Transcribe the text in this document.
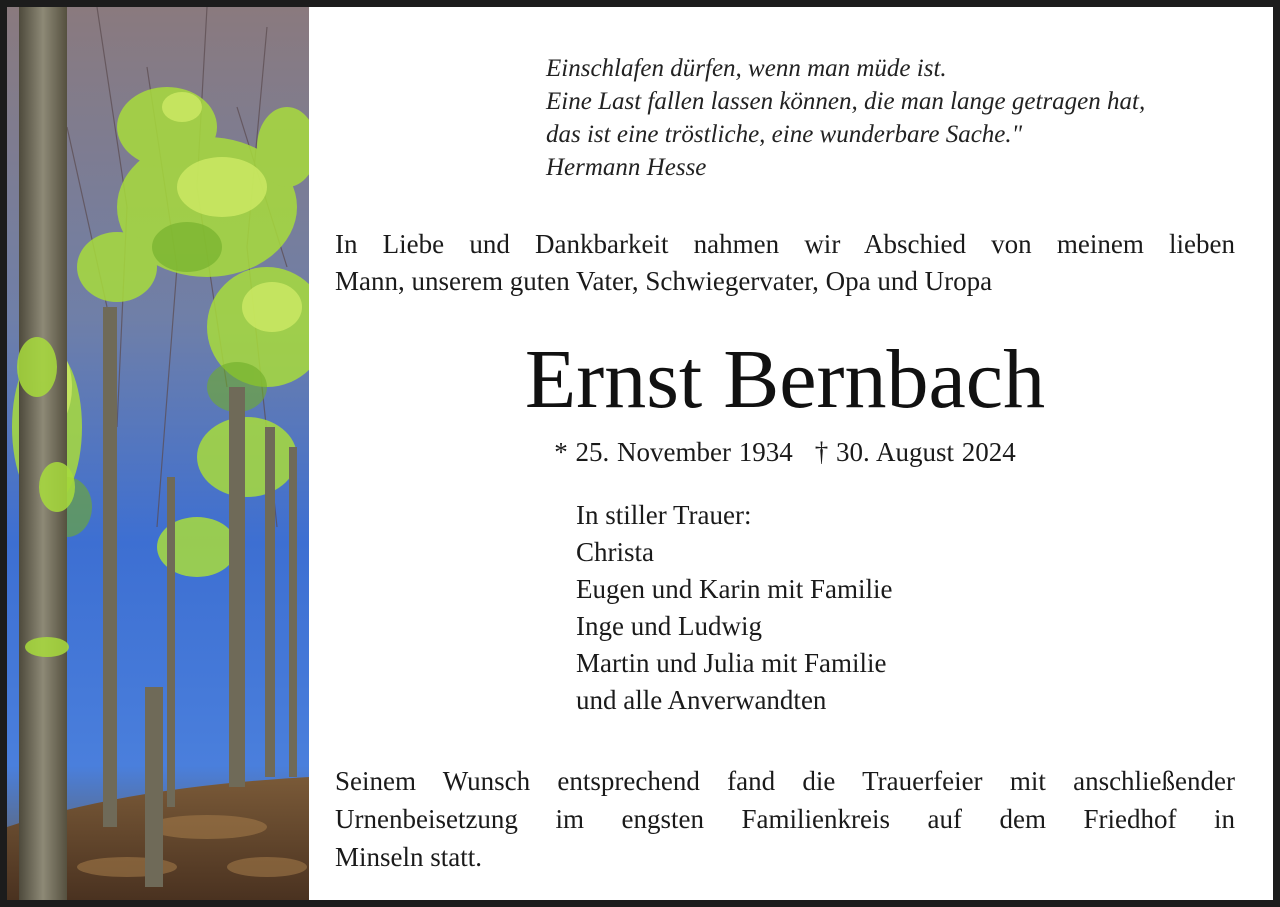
Einschlafen dürfen, wenn man müde ist.
Eine Last fallen lassen können, die man lange getragen hat,
das ist eine tröstliche, eine wunderbare Sache."
Hermann Hesse
In Liebe und Dankbarkeit nahmen wir Abschied von meinem lieben
Mann, unserem guten Vater, Schwiegervater, Opa und Uropa
Ernst Bernbach
* 25. November 1934 † 30. August 2024
In stiller Trauer:
Christa
Eugen und Karin mit Familie
Inge und Ludwig
Martin und Julia mit Familie
und alle Anverwandten
Seinem Wunsch entsprechend fand die Trauerfeier mit anschließender
Urnenbeisetzung im engsten Familienkreis auf dem Friedhof in
Minseln statt.
